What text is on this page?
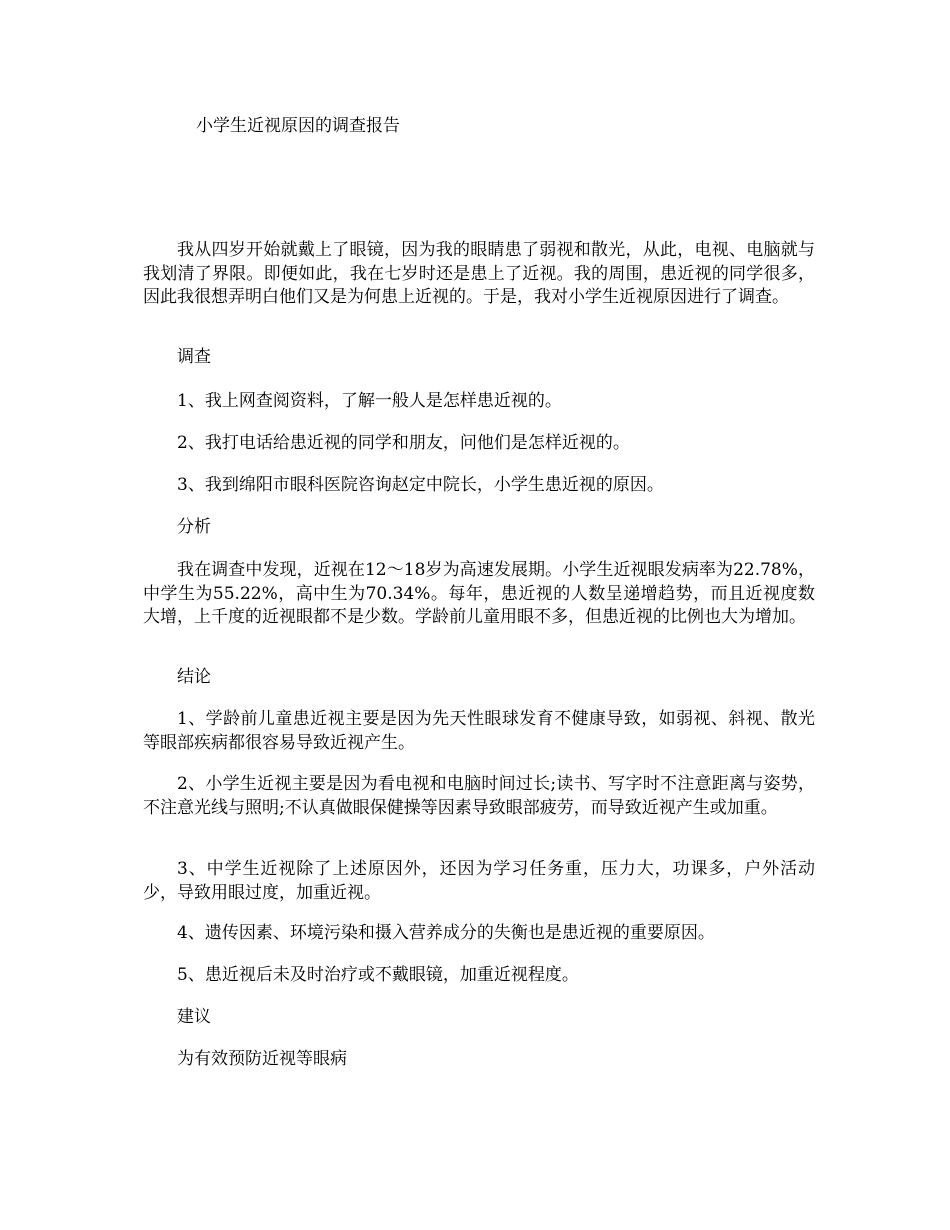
小学生近视原因的调查报告

我从四岁开始就戴上了眼镜，因为我的眼睛患了弱视和散光，从此，电视、电脑就与我划清了界限。即便如此，我在七岁时还是患上了近视。我的周围，患近视的同学很多，因此我很想弄明白他们又是为何患上近视的。于是，我对小学生近视原因进行了调查。

调查

1、我上网查阅资料，了解一般人是怎样患近视的。

2、我打电话给患近视的同学和朋友，问他们是怎样近视的。

3、我到绵阳市眼科医院咨询赵定中院长，小学生患近视的原因。

分析

我在调查中发现，近视在12～18岁为高速发展期。小学生近视眼发病率为22.78%，中学生为55.22%，高中生为70.34%。每年，患近视的人数呈递增趋势，而且近视度数大增，上千度的近视眼都不是少数。学龄前儿童用眼不多，但患近视的比例也大为增加。

结论

1、学龄前儿童患近视主要是因为先天性眼球发育不健康导致，如弱视、斜视、散光等眼部疾病都很容易导致近视产生。

2、小学生近视主要是因为看电视和电脑时间过长;读书、写字时不注意距离与姿势，不注意光线与照明;不认真做眼保健操等因素导致眼部疲劳，而导致近视产生或加重。

3、中学生近视除了上述原因外，还因为学习任务重，压力大，功课多，户外活动少，导致用眼过度，加重近视。

4、遗传因素、环境污染和摄入营养成分的失衡也是患近视的重要原因。

5、患近视后未及时治疗或不戴眼镜，加重近视程度。

建议

为有效预防近视等眼病
